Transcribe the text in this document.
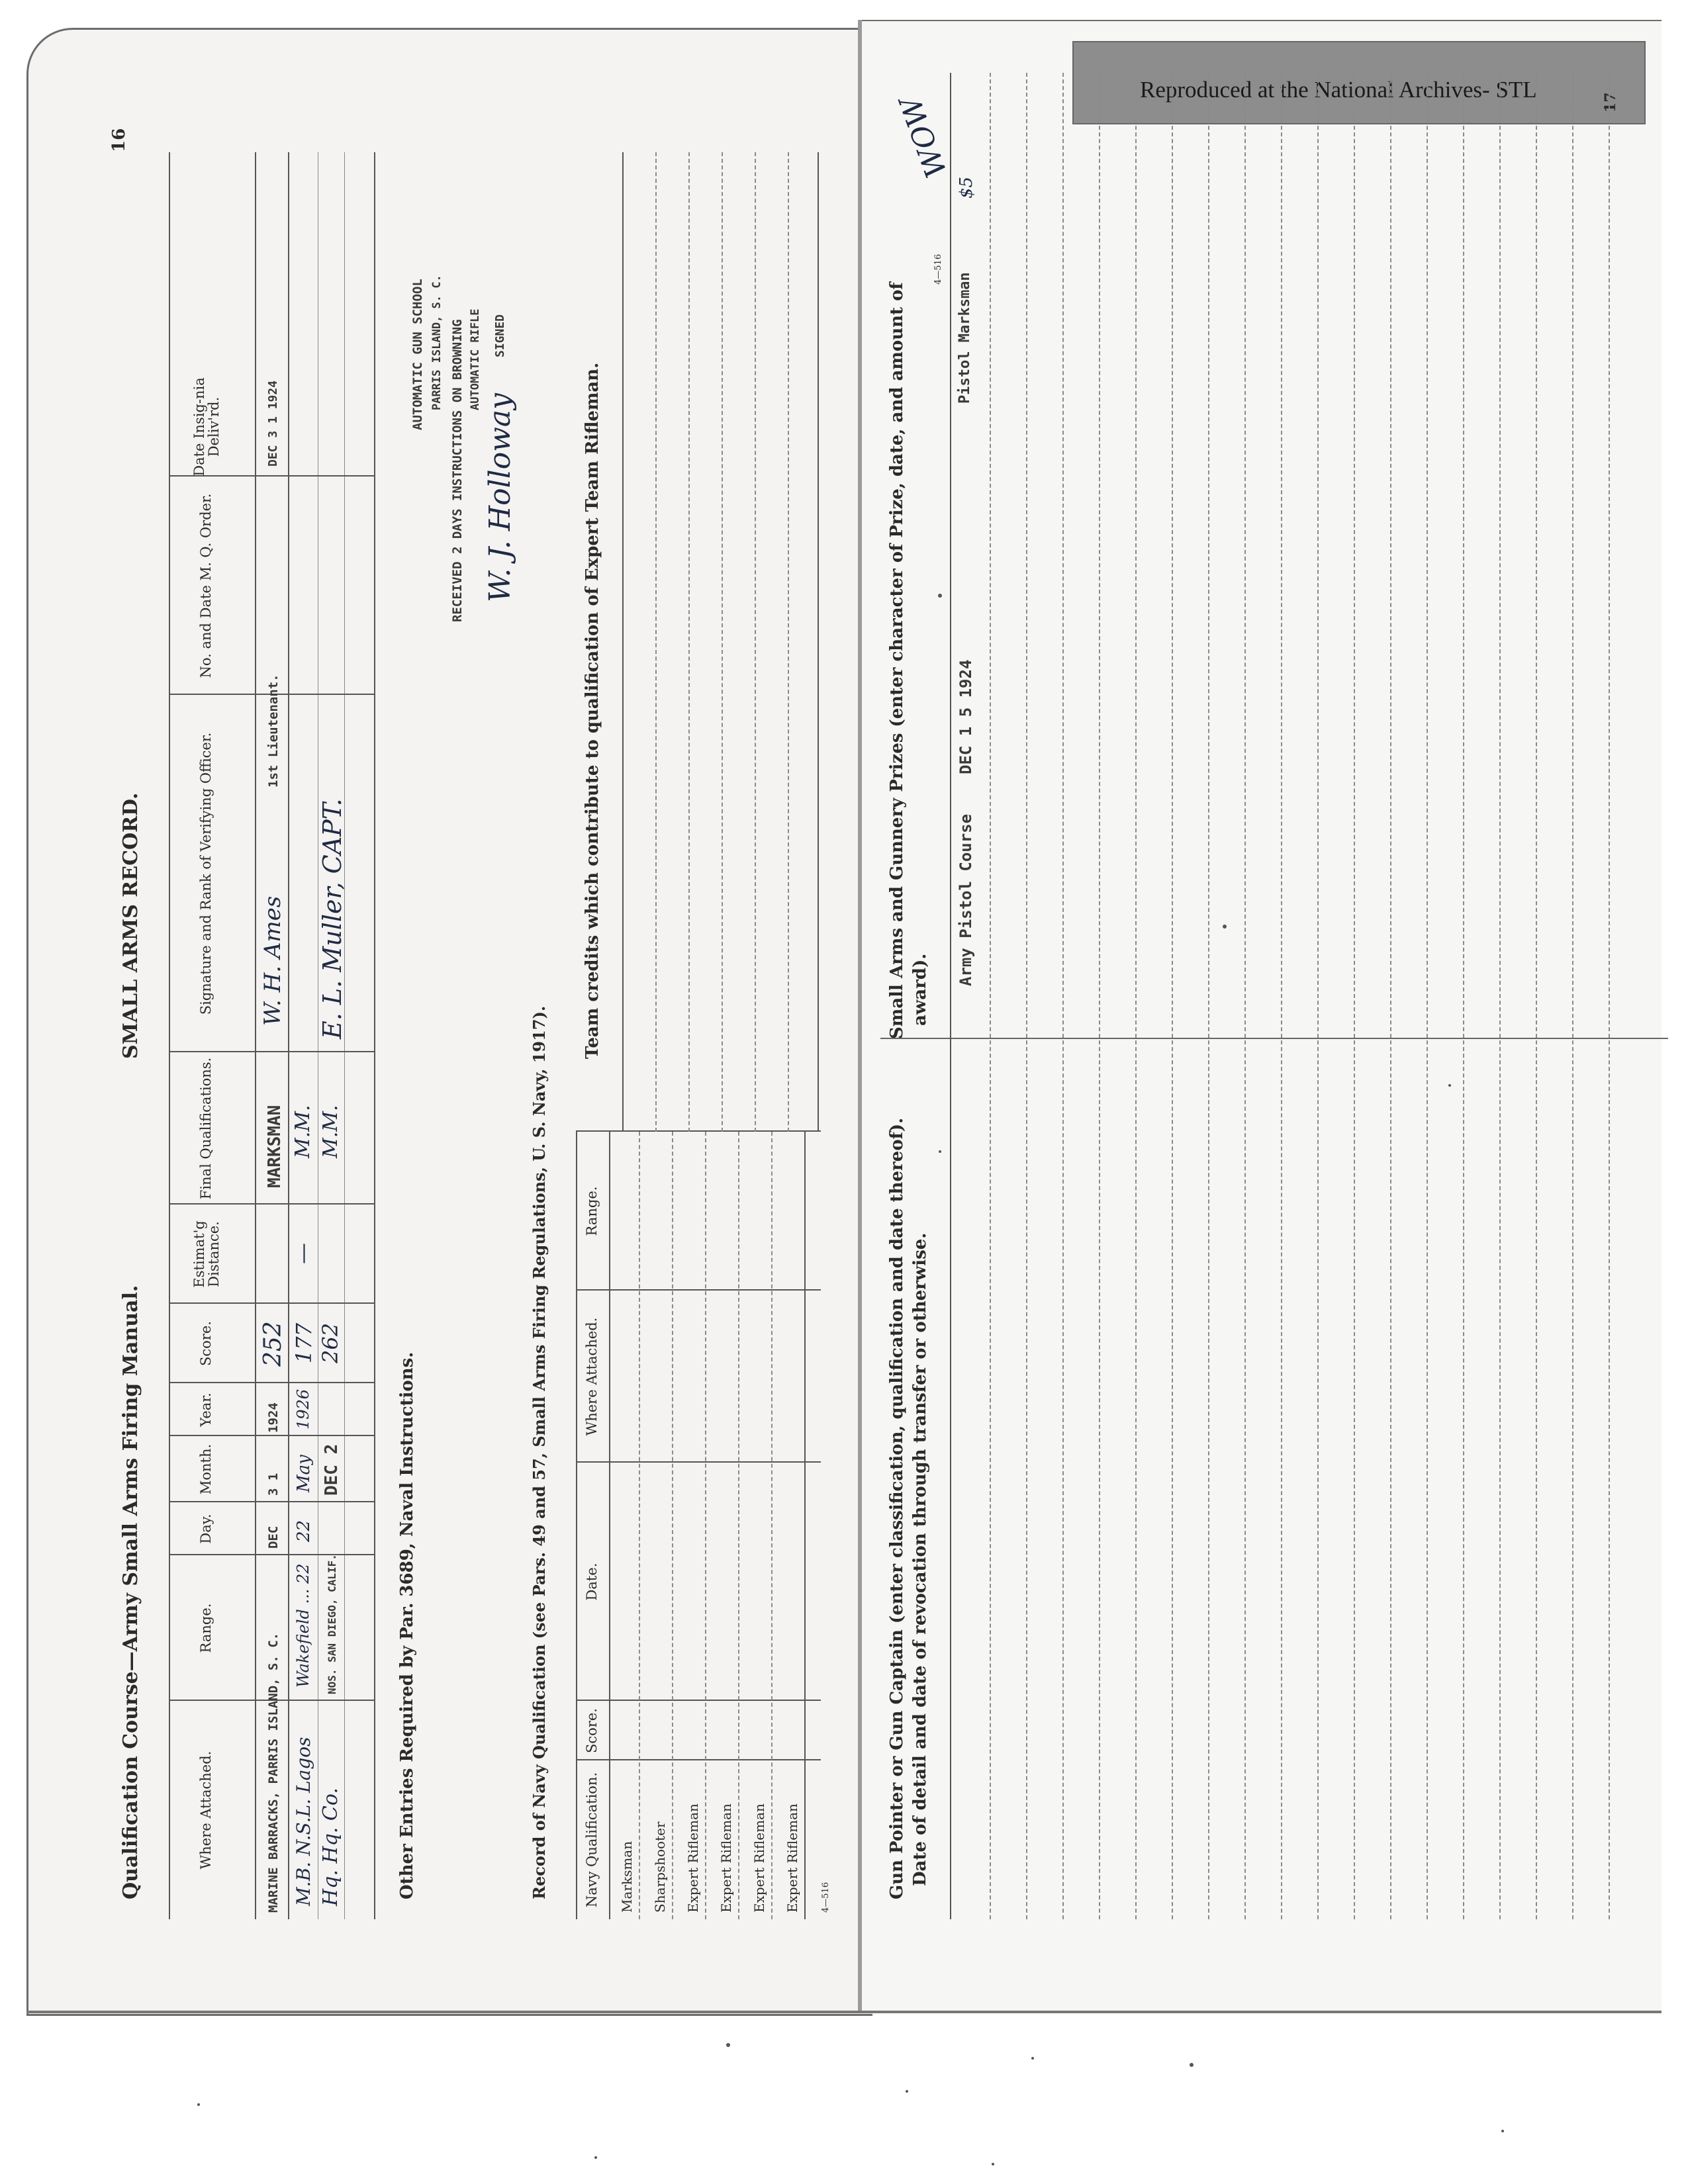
Reproduced at the National Archives- STL
16
Qualification Course—Army Small Arms Firing Manual.
SMALL ARMS RECORD.
Where Attached.
Range.
Day.
Month.
Year.
Score.
Estimat'g Distance.
Final Qualifications.
Signature and Rank of Verifying Officer.
No. and Date M. Q. Order.
Date Insig-nia Deliv'rd.
MARINE BARRACKS, PARRIS ISLAND, S. C.
DEC
3 1
1924
252
MARKSMAN
W. H. Ames
1st Lieutenant.
DEC 3 1 1924
M.B. N.S.L. Lagos
Wakefield ... 22
22
May
1926
177
—
M.M.
Hq. Hq. Co.
NOS. SAN DIEGO, CALIF.
DEC 2
262
M.M.
E. L. Muller, CAPT.
Other Entries Required by Par. 3689, Naval Instructions.
AUTOMATIC GUN SCHOOL PARRIS ISLAND, S. C. RECEIVED 2 DAYS INSTRUCTIONS ON BROWNING AUTOMATIC RIFLE SIGNED
W. J. Holloway
Record of Navy Qualification (see Pars. 49 and 57, Small Arms Firing Regulations, U. S. Navy, 1917).	Navy Qualification.
Score.
Date.
Where Attached.
Range.
Marksman Sharpshooter Expert Rifleman Expert Rifleman Expert Rifleman Expert Rifleman 4—516
Team credits which contribute to qualification of Expert Team Rifleman.
17
Gun Pointer or Gun Captain (enter classification, qualification and date thereof). Date of detail and date of revocation through transfer or otherwise.
Small Arms and Gunnery Prizes (enter character of Prize, date, and amount of award).
4—516
Army Pistol Course
DEC 1 5 1924
Pistol Marksman
WOW
$5
